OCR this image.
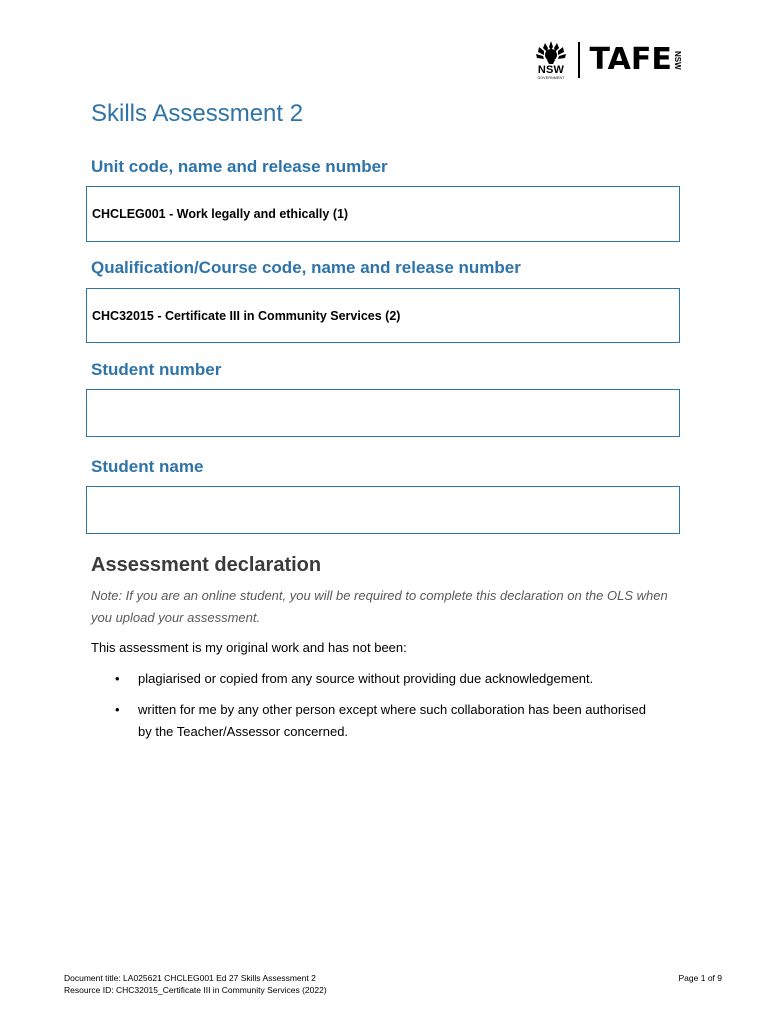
NSW
GOVERNMENT
TAFE NSW
Skills Assessment 2
Unit code, name and release number
CHCLEG001 - Work legally and ethically (1)
Qualification/Course code, name and release number
CHC32015 - Certificate III in Community Services (2)
Student number
Student name
Assessment declaration
Note: If you are an online student, you will be required to complete this declaration on the OLS when you upload your assessment.
This assessment is my original work and has not been:
• plagiarised or copied from any source without providing due acknowledgement.
• written for me by any other person except where such collaboration has been authorised by the Teacher/Assessor concerned.
Document title: LA025621 CHCLEG001 Ed 27 Skills Assessment 2
Resource ID: CHC32015_Certificate III in Community Services (2022)
Page 1 of 9
